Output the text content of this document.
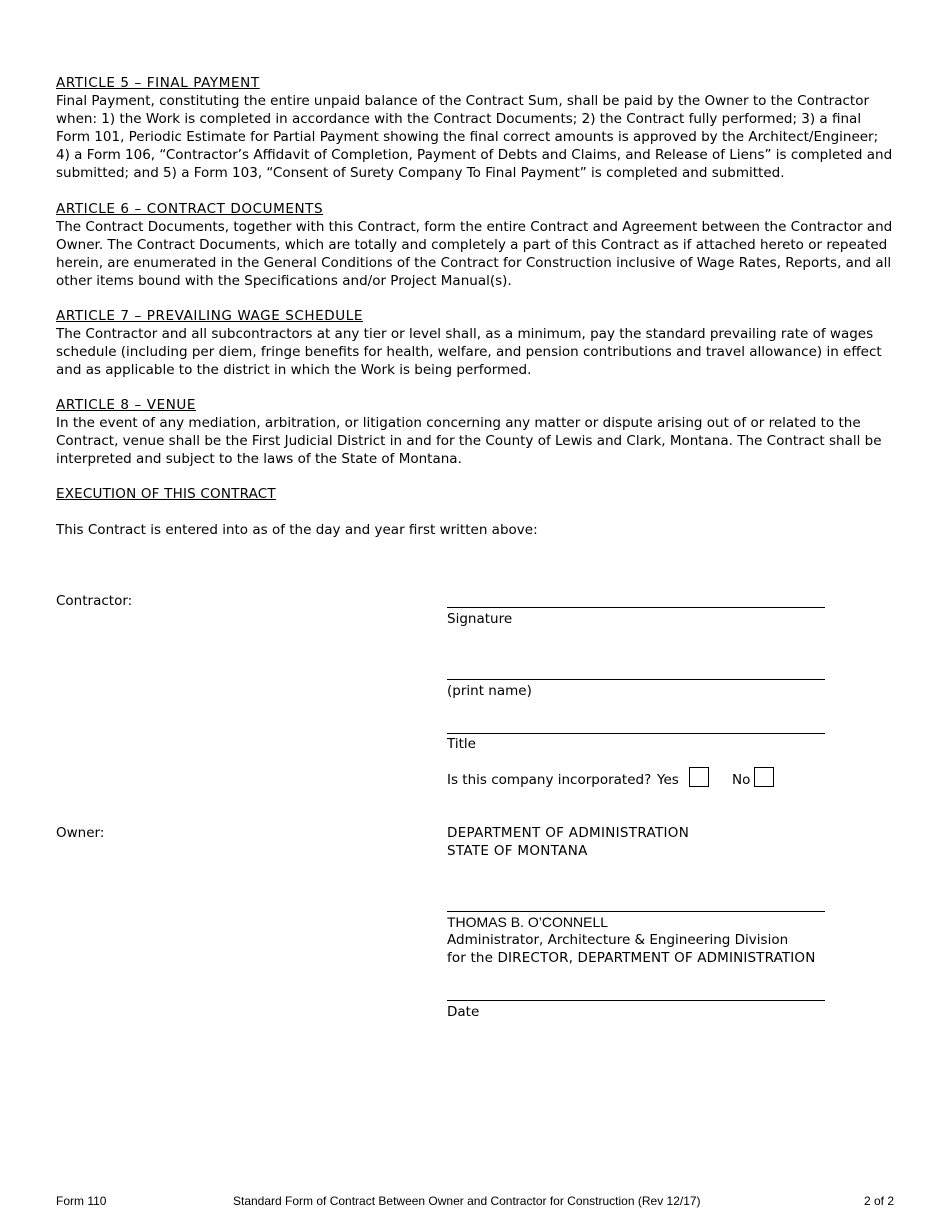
ARTICLE 5 – FINAL PAYMENT
Final Payment, constituting the entire unpaid balance of the Contract Sum, shall be paid by the Owner to the Contractor when: 1) the Work is completed in accordance with the Contract Documents; 2) the Contract fully performed; 3) a final Form 101, Periodic Estimate for Partial Payment showing the final correct amounts is approved by the Architect/Engineer; 4) a Form 106, “Contractor’s Affidavit of Completion, Payment of Debts and Claims, and Release of Liens” is completed and submitted; and 5) a Form 103, “Consent of Surety Company To Final Payment” is completed and submitted.
ARTICLE 6 – CONTRACT DOCUMENTS
The Contract Documents, together with this Contract, form the entire Contract and Agreement between the Contractor and Owner. The Contract Documents, which are totally and completely a part of this Contract as if attached hereto or repeated herein, are enumerated in the General Conditions of the Contract for Construction inclusive of Wage Rates, Reports, and all other items bound with the Specifications and/or Project Manual(s).
ARTICLE 7 – PREVAILING WAGE SCHEDULE
The Contractor and all subcontractors at any tier or level shall, as a minimum, pay the standard prevailing rate of wages schedule (including per diem, fringe benefits for health, welfare, and pension contributions and travel allowance) in effect and as applicable to the district in which the Work is being performed.
ARTICLE 8 – VENUE
In the event of any mediation, arbitration, or litigation concerning any matter or dispute arising out of or related to the Contract, venue shall be the First Judicial District in and for the County of Lewis and Clark, Montana. The Contract shall be interpreted and subject to the laws of the State of Montana.
EXECUTION OF THIS CONTRACT
This Contract is entered into as of the day and year first written above:
Contractor:
Signature
(print name)
Title
Is this company incorporated? Yes	No
Owner:	DEPARTMENT OF ADMINISTRATION
STATE OF MONTANA
THOMAS B. O’CONNELL
Administrator, Architecture & Engineering Division
for the DIRECTOR, DEPARTMENT OF ADMINISTRATION
Date
Form 110	Standard Form of Contract Between Owner and Contractor for Construction (Rev 12/17)	2 of 2
